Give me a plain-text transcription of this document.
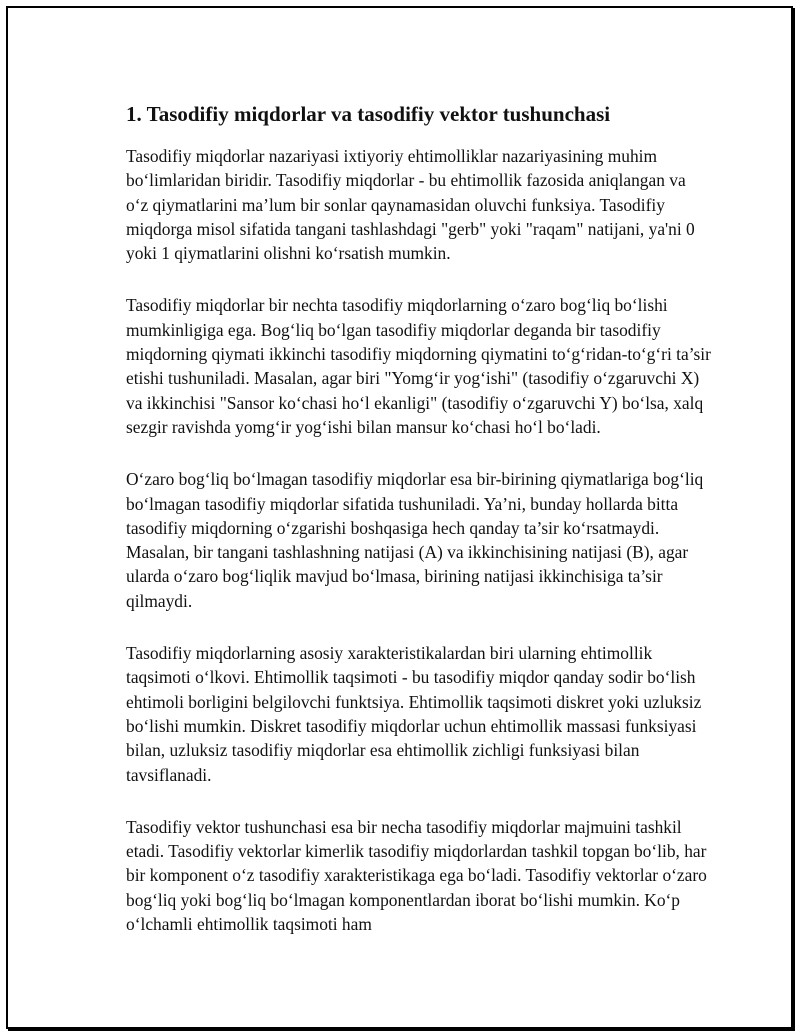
1. Tasodifiy miqdorlar va tasodifiy vektor tushunchasi

Tasodifiy miqdorlar nazariyasi ixtiyoriy ehtimolliklar nazariyasining muhim bo‘limlaridan biridir. Tasodifiy miqdorlar - bu ehtimollik fazosida aniqlangan va o‘z qiymatlarini ma’lum bir sonlar qaynamasidan oluvchi funksiya. Tasodifiy miqdorga misol sifatida tangani tashlashdagi "gerb" yoki "raqam" natijani, ya'ni 0 yoki 1 qiymatlarini olishni ko‘rsatish mumkin.

Tasodifiy miqdorlar bir nechta tasodifiy miqdorlarning o‘zaro bog‘liq bo‘lishi mumkinligiga ega. Bog‘liq bo‘lgan tasodifiy miqdorlar deganda bir tasodifiy miqdorning qiymati ikkinchi tasodifiy miqdorning qiymatini to‘g‘ridan-to‘g‘ri ta’sir etishi tushuniladi. Masalan, agar biri "Yomg‘ir yog‘ishi" (tasodifiy o‘zgaruvchi X) va ikkinchisi "Sansor ko‘chasi ho‘l ekanligi" (tasodifiy o‘zgaruvchi Y) bo‘lsa, xalq sezgir ravishda yomg‘ir yog‘ishi bilan mansur ko‘chasi ho‘l bo‘ladi.

O‘zaro bog‘liq bo‘lmagan tasodifiy miqdorlar esa bir-birining qiymatlariga bog‘liq bo‘lmagan tasodifiy miqdorlar sifatida tushuniladi. Ya’ni, bunday hollarda bitta tasodifiy miqdorning o‘zgarishi boshqasiga hech qanday ta’sir ko‘rsatmaydi. Masalan, bir tangani tashlashning natijasi (A) va ikkinchisining natijasi (B), agar ularda o‘zaro bog‘liqlik mavjud bo‘lmasa, birining natijasi ikkinchisiga ta’sir qilmaydi.

Tasodifiy miqdorlarning asosiy xarakteristikalardan biri ularning ehtimollik taqsimoti o‘lkovi. Ehtimollik taqsimoti - bu tasodifiy miqdor qanday sodir bo‘lish ehtimoli borligini belgilovchi funktsiya. Ehtimollik taqsimoti diskret yoki uzluksiz bo‘lishi mumkin. Diskret tasodifiy miqdorlar uchun ehtimollik massasi funksiyasi bilan, uzluksiz tasodifiy miqdorlar esa ehtimollik zichligi funksiyasi bilan tavsiflanadi.

Tasodifiy vektor tushunchasi esa bir necha tasodifiy miqdorlar majmuini tashkil etadi. Tasodifiy vektorlar kimerlik tasodifiy miqdorlardan tashkil topgan bo‘lib, har bir komponent o‘z tasodifiy xarakteristikaga ega bo‘ladi. Tasodifiy vektorlar o‘zaro bog‘liq yoki bog‘liq bo‘lmagan komponentlardan iborat bo‘lishi mumkin. Ko‘p o‘lchamli ehtimollik taqsimoti ham
